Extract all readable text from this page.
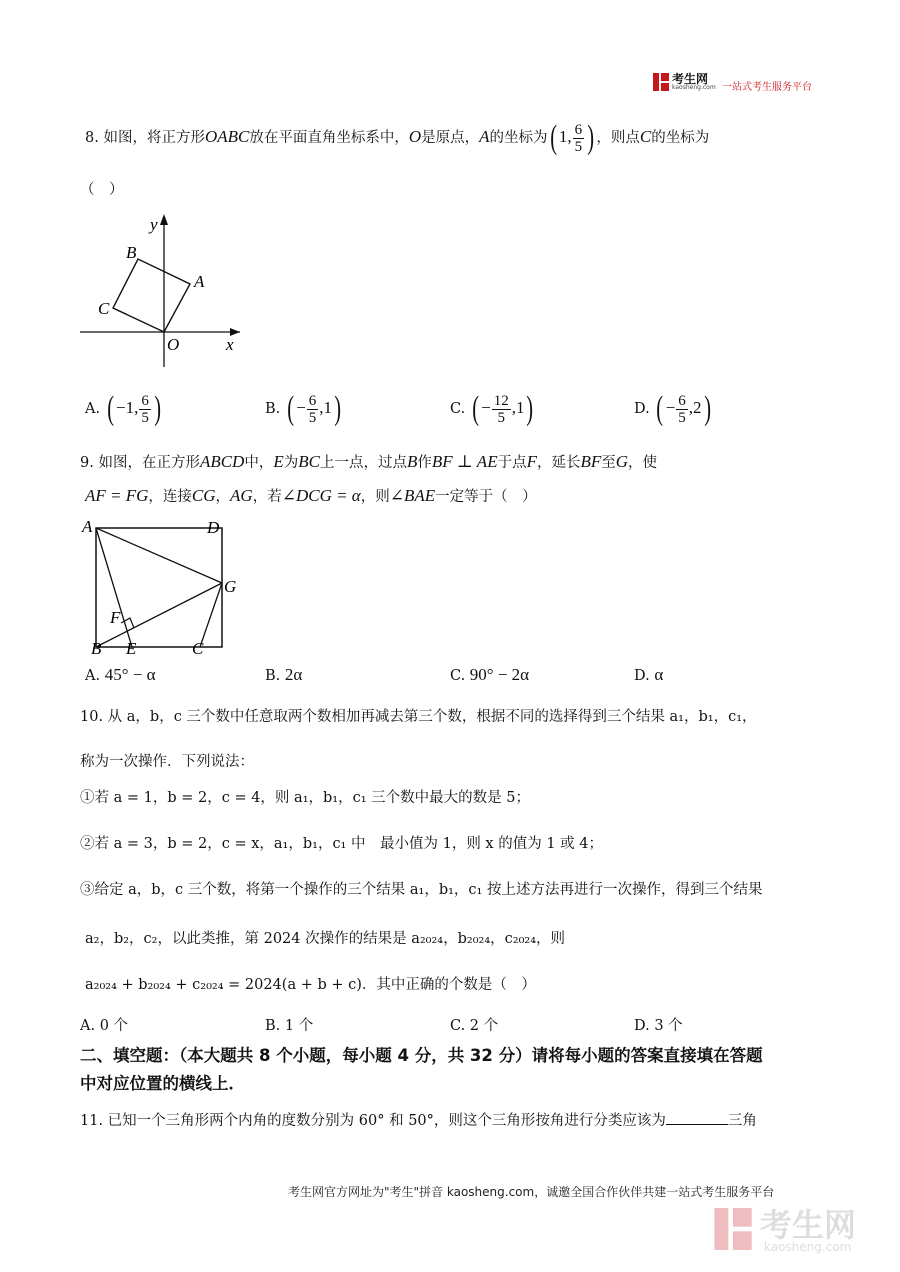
考生网
kaosheng.com 一站式考生服务平台
8. 如图，将正方形OABC放在平面直角坐标系中，O是原点，A的坐标为( 1, $\frac{6}{5}$ ) ，则点C的坐标为
（　）
y
x
O
A
B
C
A. ( −1, $\frac{6}{5}$ )	B. ( − $\frac{6}{5} ,1$)	C. ( − $\frac{12}{5} ,1$)	D. ( − $\frac{6}{5} ,2$)
9. 如图，在正方形ABCD中，E为BC上一点，过点B作BF ⊥ AE于点F，延长BF至G，使
AF = FG，连接CG，AG，若∠DCG = α，则∠BAE一定等于（　）
A	D
G
F
B E	C
A. 45° − α	B. 2α	C. 90° − 2α	D. α
10. 从 a，b，c 三个数中任意取两个数相加再减去第三个数，根据不同的选择得到三个结果 a₁，b₁，c₁，
称为一次操作．下列说法：
①若 a = 1，b = 2，c = 4，则 a₁，b₁，c₁ 三个数中最大的数是 5；
②若 a = 3，b = 2，c = x，a₁，b₁，c₁ 中　最小值为 1，则 x 的值为 1 或 4；
③给定 a，b，c 三个数，将第一个操作的三个结果 a₁，b₁，c₁ 按上述方法再进行一次操作，得到三个结果
a₂，b₂，c₂，以此类推，第 2024 次操作的结果是 a₂₀₂₄，b₂₀₂₄，c₂₀₂₄，则
a₂₀₂₄ + b₂₀₂₄ + c₂₀₂₄ = 2024(a + b + c)．其中正确的个数是（　）
A. 0 个	B. 1 个	C. 2 个	D. 3 个
二、填空题：（本大题共 8 个小题，每小题 4 分，共 32 分）请将每小题的答案直接填在答题
中对应位置的横线上．
11. 已知一个三角形两个内角的度数分别为 60° 和 50°，则这个三角形按角进行分类应该为	三角
考生网官方网址为"考生"拼音 kaosheng.com，诚邀全国合作伙伴共建一站式考生服务平台
考生网
kaosheng.com
